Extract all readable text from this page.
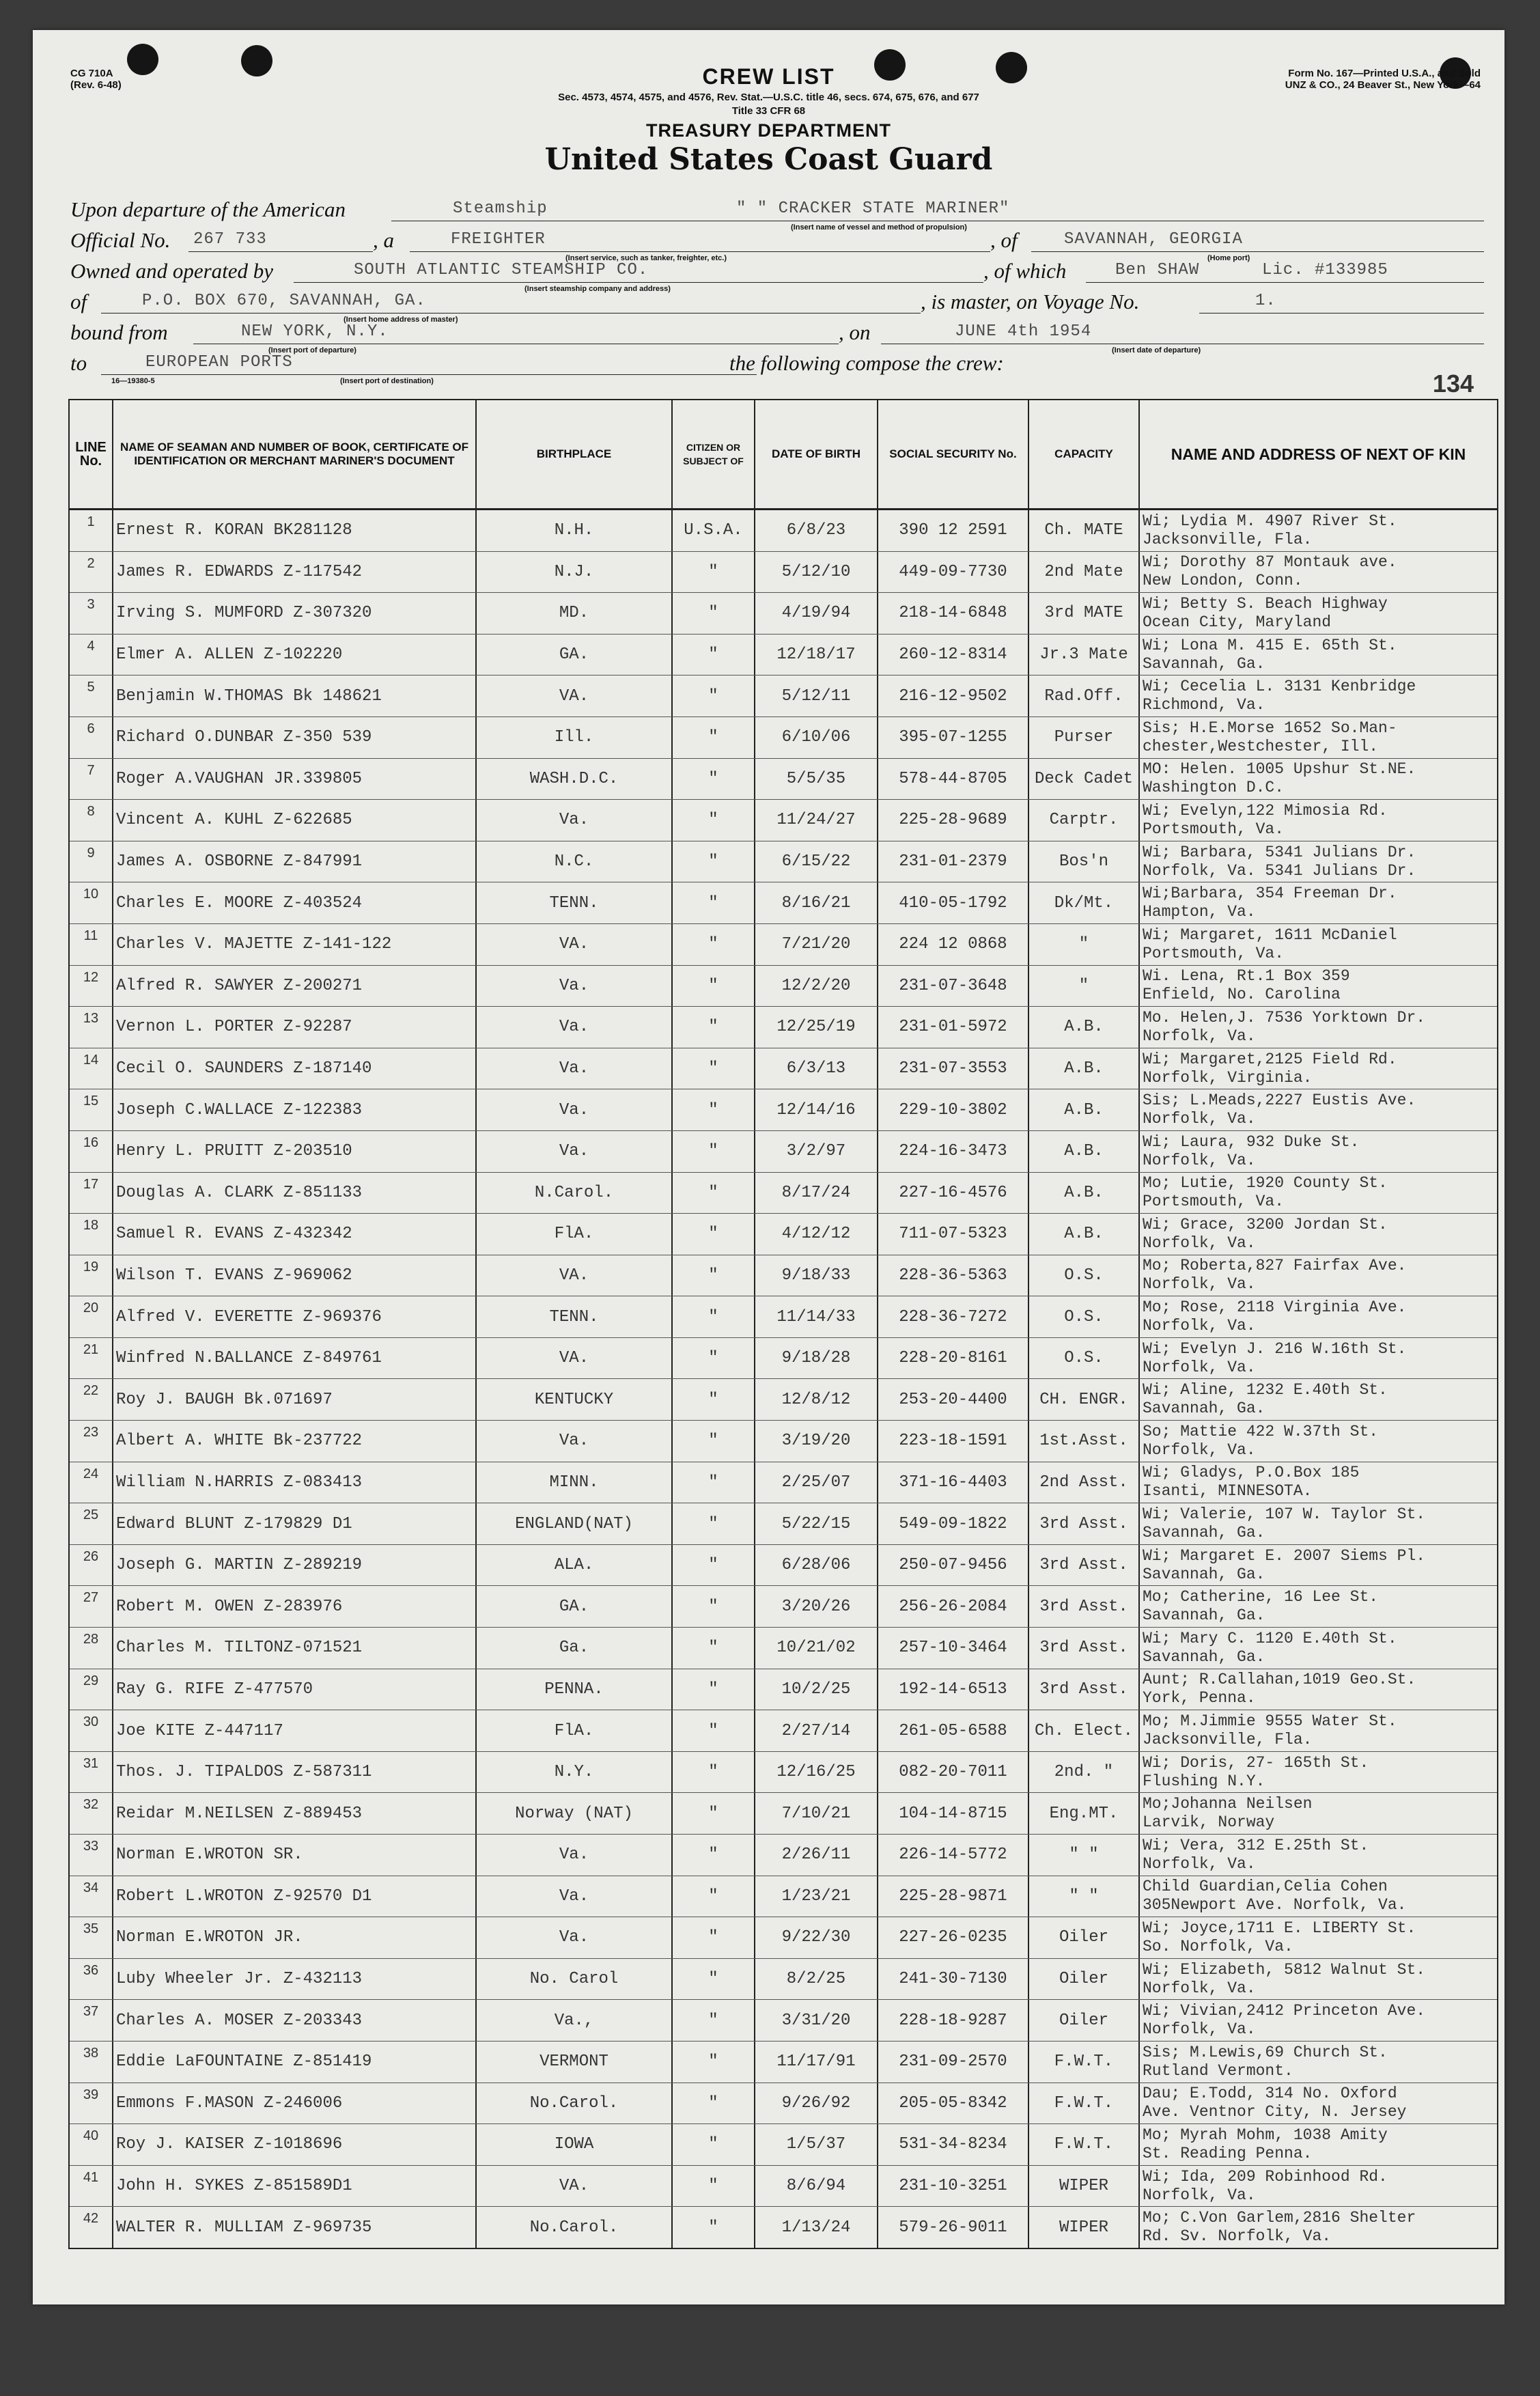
CG 710A
(Rev. 6-48)
Form No. 167—Printed U.S.A., and Sold
UNZ & CO., 24 Beaver St., New York—64
CREW LIST
Sec. 4573, 4574, 4575, and 4576, Rev. Stat.—U.S.C. title 46, secs. 674, 675, 676, and 677
Title 33 CFR 68
TREASURY DEPARTMENT
United States Coast Guard
Upon departure of the American	Steamship	" " CRACKER STATE MARINER"
(Insert name of vessel and method of propulsion)
Official No. 267 733	, a	FREIGHTER
(Insert service, such as tanker, freighter, etc.)
, of	SAVANNAH, GEORGIA
(Home port)
Owned and operated by	SOUTH ATLANTIC STEAMSHIP CO.
(Insert steamship company and address)
, of which	Ben SHAW	Lic. #133985
of	P.O. BOX 670, SAVANNAH, GA.
(Insert home address of master)
, is master, on Voyage No.	1.
bound from	NEW YORK, N.Y.
(Insert port of departure)
, on	JUNE 4th 1954
(Insert date of departure)
to	EUROPEAN PORTS
16—19380-5	(Insert port of destination)
the following compose the crew:
134
LINE No.
NAME OF SEAMAN AND NUMBER OF BOOK, CERTIFICATE OF IDENTIFICATION OR MERCHANT MARINER'S DOCUMENT
BIRTHPLACE	CITIZEN OR SUBJECT OF
DATE OF BIRTH	SOCIAL SECURITY No.	CAPACITY	NAME AND ADDRESS OF NEXT OF KIN
1	Ernest R. KORAN BK281128	N.H.	U.S.A.	6/8/23	390 12 2591	Ch. MATE
Wi; Lydia M. 4907 River St.
Jacksonville, Fla.
2	James R. EDWARDS Z-117542	N.J.	"	5/12/10	449-09-7730	2nd Mate
Wi; Dorothy 87 Montauk ave.
New London, Conn.
3	Irving S. MUMFORD Z-307320	MD.	"	4/19/94	218-14-6848	3rd MATE
Wi; Betty S. Beach Highway
Ocean City, Maryland
4	Elmer A. ALLEN Z-102220	GA.	"	12/18/17	260-12-8314	Jr.3 Mate
Wi; Lona M. 415 E. 65th St.
Savannah, Ga.
5	Benjamin W.THOMAS Bk 148621	VA.	"	5/12/11	216-12-9502	Rad.Off.
Wi; Cecelia L. 3131 Kenbridge
Richmond, Va.
6	Richard O.DUNBAR Z-350 539	Ill.	"	6/10/06	395-07-1255	Purser
Sis; H.E.Morse 1652 So.Man-
chester,Westchester, Ill.
7	Roger A.VAUGHAN JR.339805	WASH.D.C.	"	5/5/35	578-44-8705	Deck Cadet
MO: Helen. 1005 Upshur St.NE.
Washington D.C.
8	Vincent A. KUHL Z-622685	Va.	"	11/24/27	225-28-9689	Carptr.
Wi; Evelyn,122 Mimosia Rd.
Portsmouth, Va.
9	James A. OSBORNE Z-847991	N.C.	"	6/15/22	231-01-2379	Bos'n
Wi; Barbara, 5341 Julians Dr.
Norfolk, Va. 5341 Julians Dr.
10	Charles E. MOORE Z-403524	TENN.	"	8/16/21	410-05-1792	Dk/Mt.
Wi;Barbara, 354 Freeman Dr.
Hampton, Va.
11	Charles V. MAJETTE Z-141-122	VA.	"	7/21/20	224 12 0868	"
Wi; Margaret, 1611 McDaniel
Portsmouth, Va.
12	Alfred R. SAWYER Z-200271	Va.	"	12/2/20	231-07-3648	"
Wi. Lena, Rt.1 Box 359
Enfield, No. Carolina
13	Vernon L. PORTER Z-92287	Va.	"	12/25/19	231-01-5972	A.B.
Mo. Helen,J. 7536 Yorktown Dr.
Norfolk, Va.
14	Cecil O. SAUNDERS Z-187140	Va.	"	6/3/13	231-07-3553	A.B.
Wi; Margaret,2125 Field Rd.
Norfolk, Virginia.
15	Joseph C.WALLACE Z-122383	Va.	"	12/14/16	229-10-3802	A.B.
Sis; L.Meads,2227 Eustis Ave.
Norfolk, Va.
16	Henry L. PRUITT Z-203510	Va.	"	3/2/97	224-16-3473	A.B.
Wi; Laura, 932 Duke St.
Norfolk, Va.
17	Douglas A. CLARK Z-851133	N.Carol.	"	8/17/24	227-16-4576	A.B.
Mo; Lutie, 1920 County St.
Portsmouth, Va.
18	Samuel R. EVANS Z-432342	FlA.	"	4/12/12	711-07-5323	A.B.
Wi; Grace, 3200 Jordan St.
Norfolk, Va.
19	Wilson T. EVANS Z-969062	VA.	"	9/18/33	228-36-5363	O.S.
Mo; Roberta,827 Fairfax Ave.
Norfolk, Va.
20	Alfred V. EVERETTE Z-969376	TENN.	"	11/14/33	228-36-7272	O.S.
Mo; Rose, 2118 Virginia Ave.
Norfolk, Va.
21	Winfred N.BALLANCE Z-849761	VA.	"	9/18/28	228-20-8161	O.S.
Wi; Evelyn J. 216 W.16th St.
Norfolk, Va.
22	Roy J. BAUGH Bk.071697	KENTUCKY	"	12/8/12	253-20-4400	CH. ENGR.
Wi; Aline, 1232 E.40th St.
Savannah, Ga.
23	Albert A. WHITE Bk-237722	Va.	"	3/19/20	223-18-1591	1st.Asst.
So; Mattie 422 W.37th St.
Norfolk, Va.
24	William N.HARRIS Z-083413	MINN.	"	2/25/07	371-16-4403	2nd Asst.
Wi; Gladys, P.O.Box 185
Isanti, MINNESOTA.
25	Edward BLUNT Z-179829 D1	ENGLAND(NAT)	"	5/22/15	549-09-1822	3rd Asst.
Wi; Valerie, 107 W. Taylor St.
Savannah, Ga.
26	Joseph G. MARTIN Z-289219	ALA.	"	6/28/06	250-07-9456	3rd Asst.
Wi; Margaret E. 2007 Siems Pl.
Savannah, Ga.
27	Robert M. OWEN Z-283976	GA.	"	3/20/26	256-26-2084	3rd Asst.
Mo; Catherine, 16 Lee St.
Savannah, Ga.
28	Charles M. TILTONZ-071521	Ga.	"	10/21/02	257-10-3464	3rd Asst.
Wi; Mary C. 1120 E.40th St.
Savannah, Ga.
29	Ray G. RIFE Z-477570	PENNA.	"	10/2/25	192-14-6513	3rd Asst.
Aunt; R.Callahan,1019 Geo.St.
York, Penna.
30	Joe KITE Z-447117	FlA.	"	2/27/14	261-05-6588	Ch. Elect.
Mo; M.Jimmie 9555 Water St.
Jacksonville, Fla.
31	Thos. J. TIPALDOS Z-587311	N.Y.	"	12/16/25	082-20-7011	2nd. "
Wi; Doris, 27- 165th St.
Flushing N.Y.
32	Reidar M.NEILSEN Z-889453	Norway (NAT)	"	7/10/21	104-14-8715	Eng.MT.
Mo;Johanna Neilsen
Larvik, Norway
33	Norman E.WROTON SR.	Va.	"	2/26/11	226-14-5772	" "
Wi; Vera, 312 E.25th St.
Norfolk, Va.
34	Robert L.WROTON Z-92570 D1	Va.	"	1/23/21	225-28-9871	" "
Child Guardian,Celia Cohen
305Newport Ave. Norfolk, Va.
35	Norman E.WROTON JR.	Va.	"	9/22/30	227-26-0235	Oiler
Wi; Joyce,1711 E. LIBERTY St.
So. Norfolk, Va.
36	Luby Wheeler Jr. Z-432113	No. Carol	"	8/2/25	241-30-7130	Oiler
Wi; Elizabeth, 5812 Walnut St.
Norfolk, Va.
37	Charles A. MOSER Z-203343	Va.,	"	3/31/20	228-18-9287	Oiler
Wi; Vivian,2412 Princeton Ave.
Norfolk, Va.
38	Eddie LaFOUNTAINE Z-851419	VERMONT	"	11/17/91	231-09-2570	F.W.T.
Sis; M.Lewis,69 Church St.
Rutland Vermont.
39	Emmons F.MASON Z-246006	No.Carol.	"	9/26/92	205-05-8342	F.W.T.
Dau; E.Todd, 314 No. Oxford
Ave. Ventnor City, N. Jersey
40	Roy J. KAISER Z-1018696	IOWA	"	1/5/37	531-34-8234	F.W.T.
Mo; Myrah Mohm, 1038 Amity
St. Reading Penna.
41	John H. SYKES Z-851589D1	VA.	"	8/6/94	231-10-3251	WIPER
Wi; Ida, 209 Robinhood Rd.
Norfolk, Va.
42	WALTER R. MULLIAM Z-969735	No.Carol.	"	1/13/24	579-26-9011	WIPER
Mo; C.Von Garlem,2816 Shelter
Rd. Sv. Norfolk, Va.
